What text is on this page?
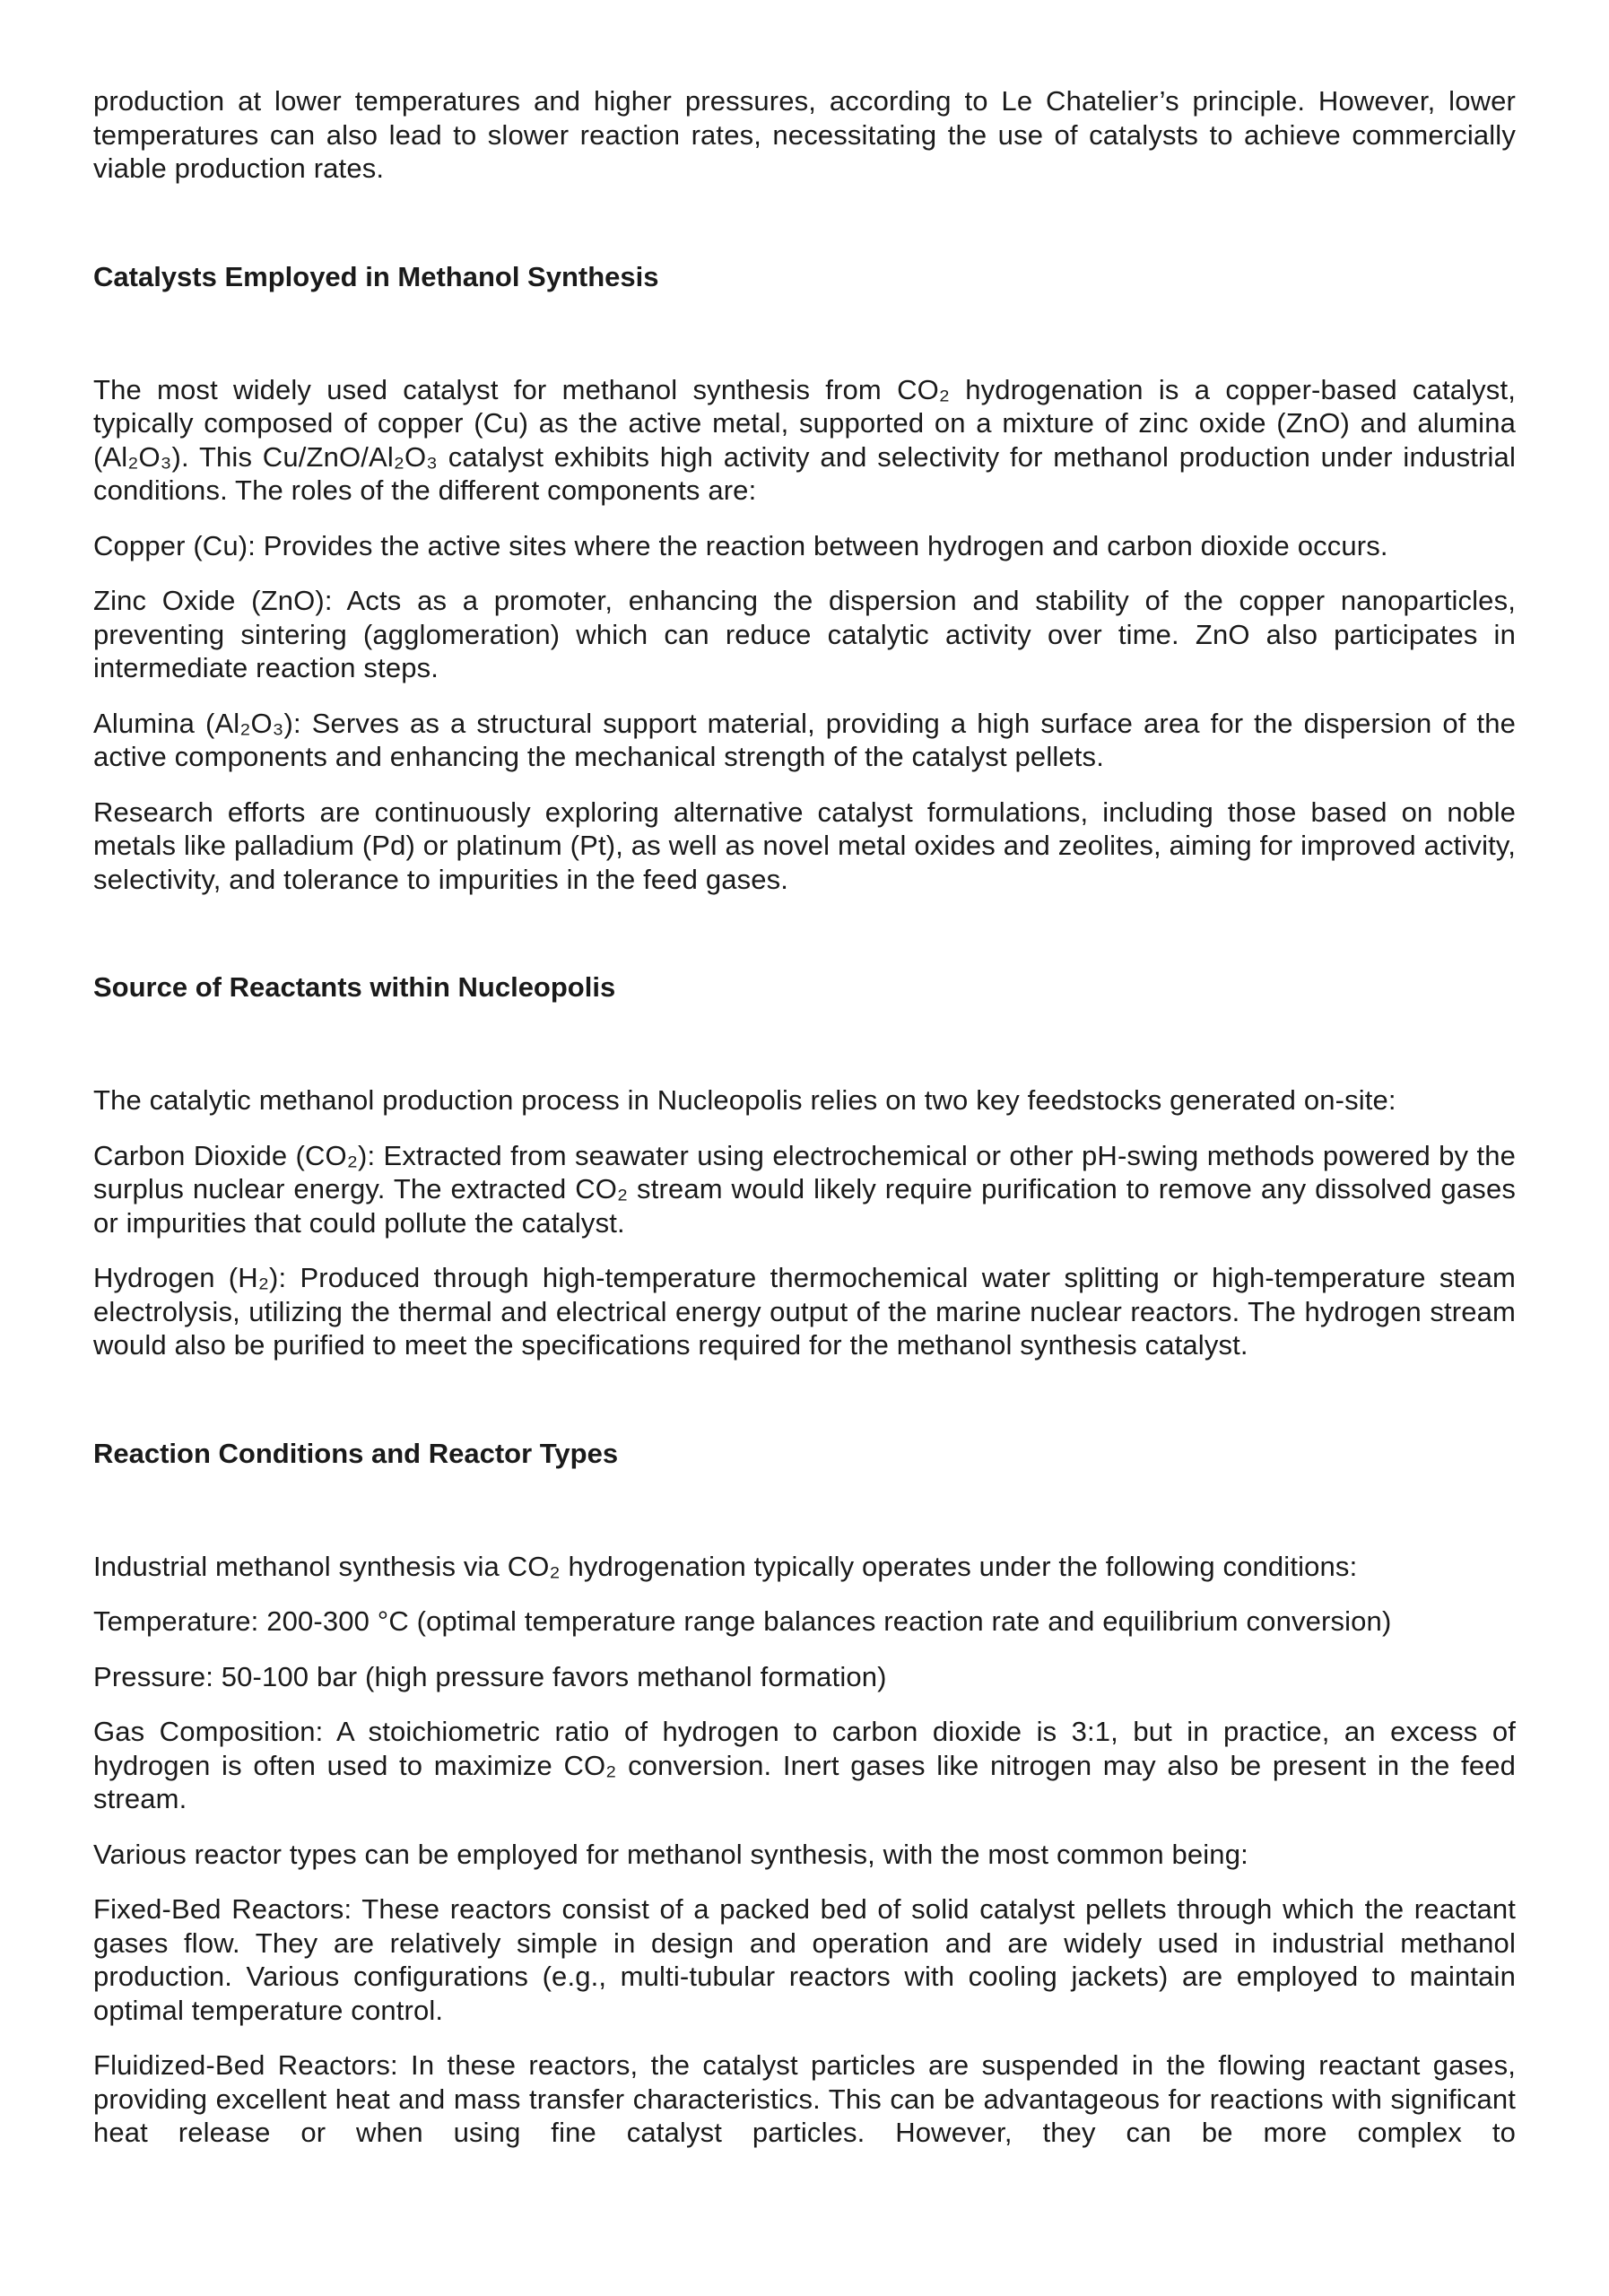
production at lower temperatures and higher pressures, according to Le Chatelier’s principle. However, lower temperatures can also lead to slower reaction rates, necessitating the use of catalysts to achieve commercially viable production rates.

Catalysts Employed in Methanol Synthesis

The most widely used catalyst for methanol synthesis from CO₂ hydrogenation is a copper-based catalyst, typically composed of copper (Cu) as the active metal, supported on a mixture of zinc oxide (ZnO) and alumina (Al₂O₃). This Cu/ZnO/Al₂O₃ catalyst exhibits high activity and selectivity for methanol production under industrial conditions. The roles of the different components are:

Copper (Cu): Provides the active sites where the reaction between hydrogen and carbon dioxide occurs.

Zinc Oxide (ZnO): Acts as a promoter, enhancing the dispersion and stability of the copper nanoparticles, preventing sintering (agglomeration) which can reduce catalytic activity over time. ZnO also participates in intermediate reaction steps.

Alumina (Al₂O₃): Serves as a structural support material, providing a high surface area for the dispersion of the active components and enhancing the mechanical strength of the catalyst pellets.

Research efforts are continuously exploring alternative catalyst formulations, including those based on noble metals like palladium (Pd) or platinum (Pt), as well as novel metal oxides and zeolites, aiming for improved activity, selectivity, and tolerance to impurities in the feed gases.

Source of Reactants within Nucleopolis

The catalytic methanol production process in Nucleopolis relies on two key feedstocks generated on-site:

Carbon Dioxide (CO₂): Extracted from seawater using electrochemical or other pH-swing methods powered by the surplus nuclear energy. The extracted CO₂ stream would likely require purification to remove any dissolved gases or impurities that could pollute the catalyst.

Hydrogen (H₂): Produced through high-temperature thermochemical water splitting or high-temperature steam electrolysis, utilizing the thermal and electrical energy output of the marine nuclear reactors. The hydrogen stream would also be purified to meet the specifications required for the methanol synthesis catalyst.

Reaction Conditions and Reactor Types

Industrial methanol synthesis via CO₂ hydrogenation typically operates under the following conditions:

Temperature: 200-300 °C (optimal temperature range balances reaction rate and equilibrium conversion)

Pressure: 50-100 bar (high pressure favors methanol formation)

Gas Composition: A stoichiometric ratio of hydrogen to carbon dioxide is 3:1, but in practice, an excess of hydrogen is often used to maximize CO₂ conversion. Inert gases like nitrogen may also be present in the feed stream.

Various reactor types can be employed for methanol synthesis, with the most common being:

Fixed-Bed Reactors: These reactors consist of a packed bed of solid catalyst pellets through which the reactant gases flow. They are relatively simple in design and operation and are widely used in industrial methanol production. Various configurations (e.g., multi-tubular reactors with cooling jackets) are employed to maintain optimal temperature control.

Fluidized-Bed Reactors: In these reactors, the catalyst particles are suspended in the flowing reactant gases, providing excellent heat and mass transfer characteristics. This can be advantageous for reactions with significant heat release or when using fine catalyst particles. However, they can be more complex to
